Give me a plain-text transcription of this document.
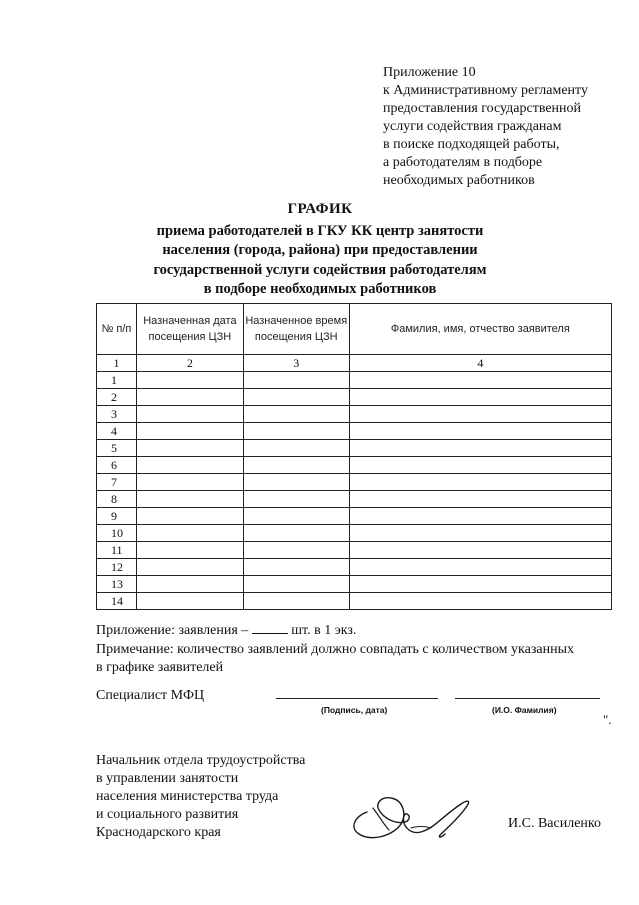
Приложение 10
к Административному регламенту
предоставления государственной
услуги содействия гражданам
в поиске подходящей работы,
а работодателям в подборе
необходимых работников
ГРАФИК
приема работодателей в ГКУ КК центр занятости
населения (города, района) при предоставлении
государственной услуги содействия работодателям
в подборе необходимых работников
№ п/п	Назначенная дата посещения ЦЗН	Назначенное время посещения ЦЗН	Фамилия, имя, отчество заявителя
1	2	3	4
1			
2			
3			
4			
5			
6			
7			
8			
9			
10			
11			
12			
13			
14			
Приложение: заявления –	шт. в 1 экз.
Примечание: количество заявлений должно совпадать с количеством указанных
в графике заявителей
Специалист МФЦ
(Подпись, дата)	(И.О. Фамилия)
".
Начальник отдела трудоустройства
в управлении занятости
населения министерства труда
и социального развития
Краснодарского края
И.С. Василенко
